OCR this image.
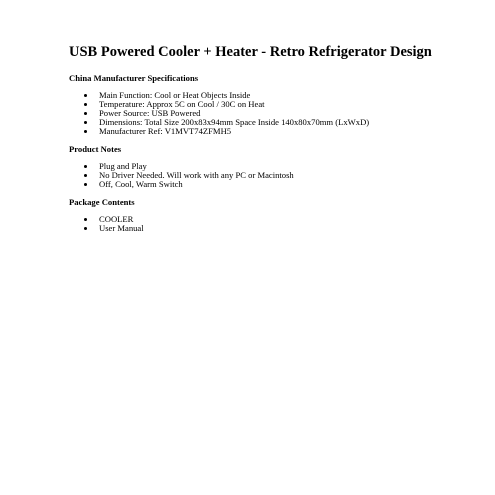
USB Powered Cooler + Heater - Retro Refrigerator Design
China Manufacturer Specifications
Main Function: Cool or Heat Objects Inside
Temperature: Approx 5C on Cool / 30C on Heat
Power Source: USB Powered
Dimensions: Total Size 200x83x94mm Space Inside 140x80x70mm (LxWxD)
Manufacturer Ref: V1MVT74ZFMH5
Product Notes
Plug and Play
No Driver Needed. Will work with any PC or Macintosh
Off, Cool, Warm Switch
Package Contents
COOLER
User Manual
